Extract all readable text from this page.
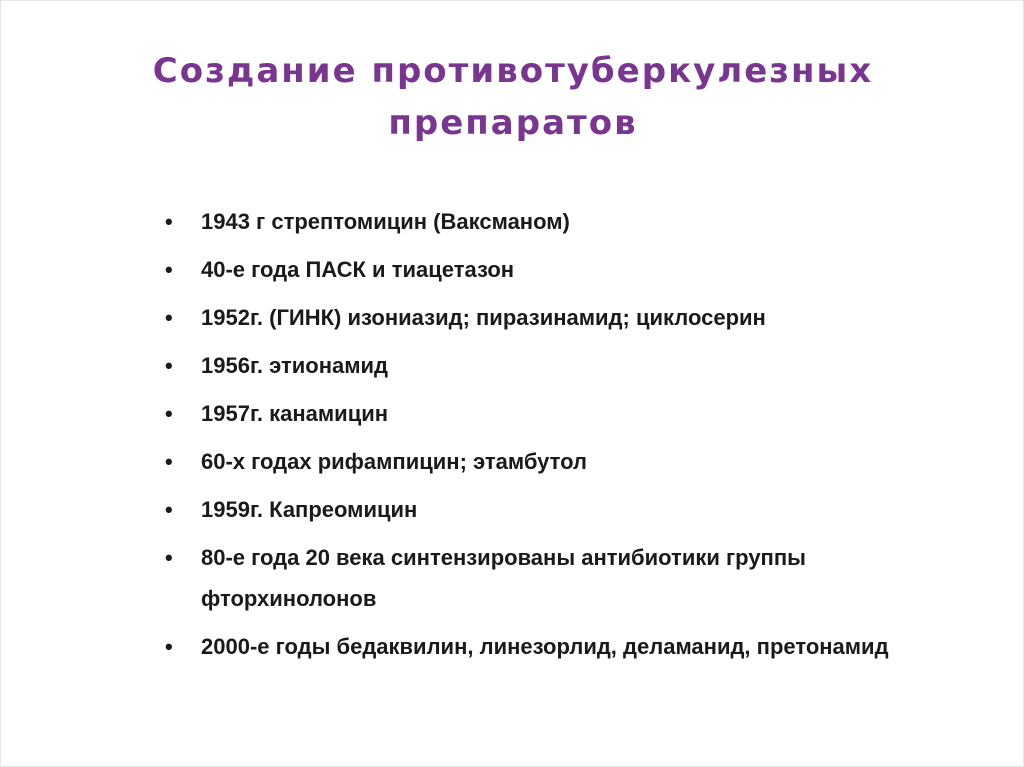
Создание противотуберкулезных
препаратов
• 1943 г стрептомицин (Ваксманом)
• 40-е года ПАСК и тиацетазон
• 1952г. (ГИНК) изониазид; пиразинамид; циклосерин
• 1956г. этионамид
• 1957г. канамицин
• 60-х годах рифампицин; этамбутол
• 1959г. Капреомицин
• 80-е года 20 века синтензированы антибиотики группы фторхинолонов
• 2000-е годы бедаквилин, линезорлид, деламанид, претонамид
